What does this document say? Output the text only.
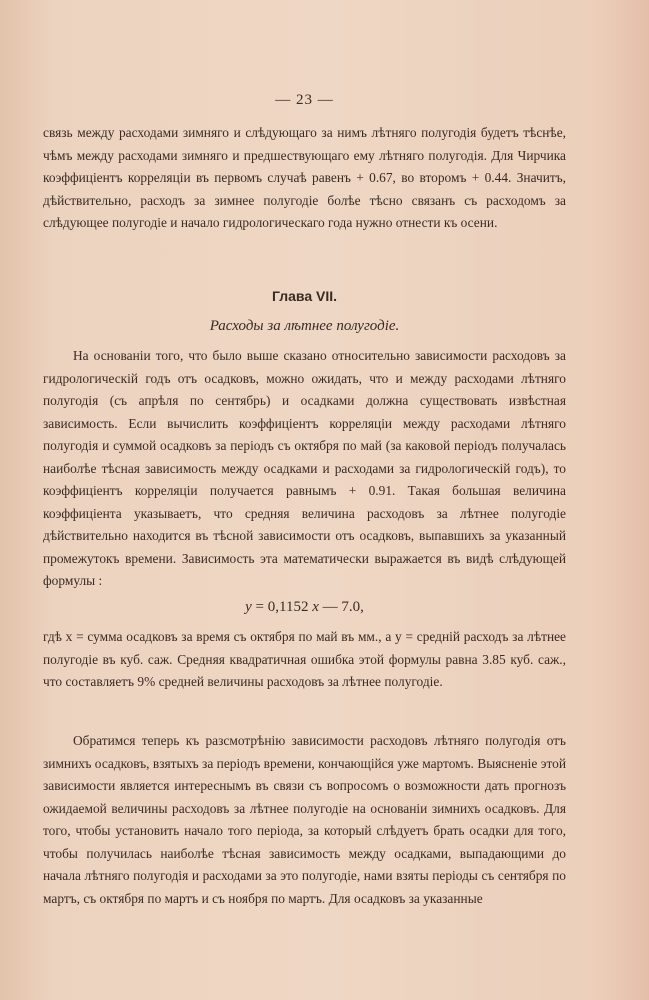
— 23 —

связь между расходами зимняго и слѣдующаго за нимъ лѣтняго полугодія будетъ тѣснѣе, чѣмъ между расходами зимняго и предшествующаго ему лѣтняго полугодія. Для Чирчика коэффиціентъ корреляціи въ первомъ случаѣ равенъ + 0.67, во второмъ + 0.44. Значитъ, дѣйствительно, расходъ за зимнее полугодіе болѣе тѣсно связанъ съ расходомъ за слѣдующее полугодіе и начало гидрологическаго года нужно отнести къ осени.

Глава VII.
Расходы за лѣтнее полугодіе.

На основаніи того, что было выше сказано относительно зависимости расходовъ за гидрологическій годъ отъ осадковъ, можно ожидать, что и между расходами лѣтняго полугодія (съ апрѣля по сентябрь) и осадками должна существовать извѣстная зависимость. Если вычислить коэффиціентъ корреляціи между расходами лѣтняго полугодія и суммой осадковъ за періодъ съ октября по май (за каковой періодъ получалась наиболѣе тѣсная зависимость между осадками и расходами за гидрологическій годъ), то коэффиціентъ корреляціи получается равнымъ + 0.91. Такая большая величина коэффиціента указываетъ, что средняя величина расходовъ за лѣтнее полугодіе дѣйствительно находится въ тѣсной зависимости отъ осадковъ, выпавшихъ за указанный промежутокъ времени. Зависимость эта математически выражается въ видѣ слѣдующей формулы :

y = 0,1152 x — 7.0,

гдѣ x = сумма осадковъ за время съ октября по май въ мм., а y = средній расходъ за лѣтнее полугодіе въ куб. саж. Средняя квадратичная ошибка этой формулы равна 3.85 куб. саж., что составляетъ 9% средней величины расходовъ за лѣтнее полугодіе.

Обратимся теперь къ разсмотрѣнію зависимости расходовъ лѣтняго полугодія отъ зимнихъ осадковъ, взятыхъ за періодъ времени, кончающійся уже мартомъ. Выясненіе этой зависимости является интереснымъ въ связи съ вопросомъ о возможности дать прогнозъ ожидаемой величины расходовъ за лѣтнее полугодіе на основаніи зимнихъ осадковъ. Для того, чтобы установить начало того періода, за который слѣдуетъ брать осадки для того, чтобы получилась наиболѣе тѣсная зависимость между осадками, выпадающими до начала лѣтняго полугодія и расходами за это полугодіе, нами взяты періоды съ сентября по мартъ, съ октября по мартъ и съ ноября по мартъ. Для осадковъ за указанные
